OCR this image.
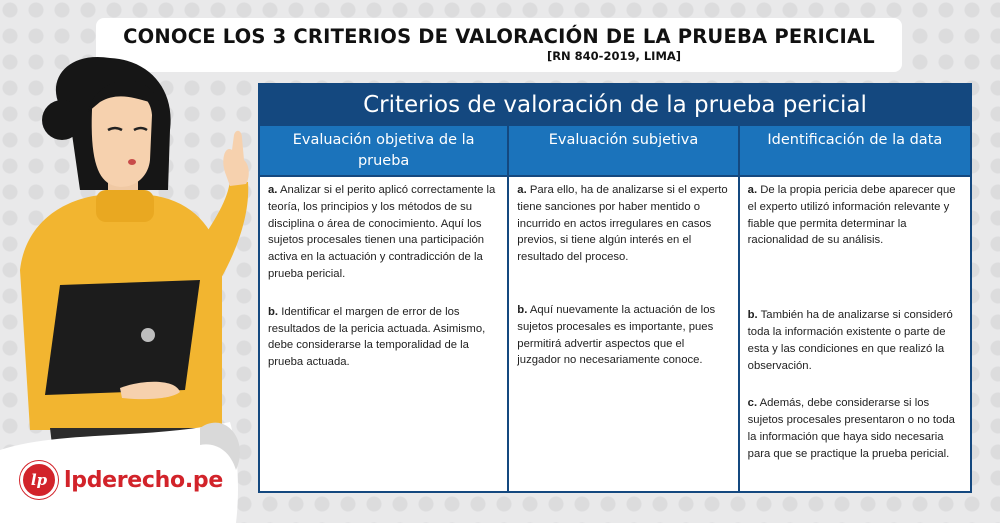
CONOCE LOS 3 CRITERIOS DE VALORACIÓN DE LA PRUEBA PERICIAL
[RN 840-2019, LIMA]
lp lpderecho.pe
Criterios de valoración de la prueba pericial
Evaluación objetiva de la prueba
a. Analizar si el perito aplicó correctamente la teoría, los principios y los métodos de su disciplina o área de conocimiento. Aquí los sujetos procesales tienen una participación activa en la actuación y contradicción de la prueba pericial.
b. Identificar el margen de error de los resultados de la pericia actuada. Asimismo, debe considerarse la temporalidad de la prueba actuada.
Evaluación subjetiva
a. Para ello, ha de analizarse si el experto tiene sanciones por haber mentido o incurrido en actos irregulares en casos previos, si tiene algún interés en el resultado del proceso.
b. Aquí nuevamente la actuación de los sujetos procesales es importante, pues permitirá advertir aspectos que el juzgador no necesariamente conoce.
Identificación de la data
a. De la propia pericia debe aparecer que el experto utilizó información relevante y fiable que permita determinar la racionalidad de su análisis.
b. También ha de analizarse si consideró toda la información existente o parte de esta y las condiciones en que realizó la observación.
c. Además, debe considerarse si los sujetos procesales presentaron o no toda la información que haya sido necesaria para que se practique la prueba pericial.
